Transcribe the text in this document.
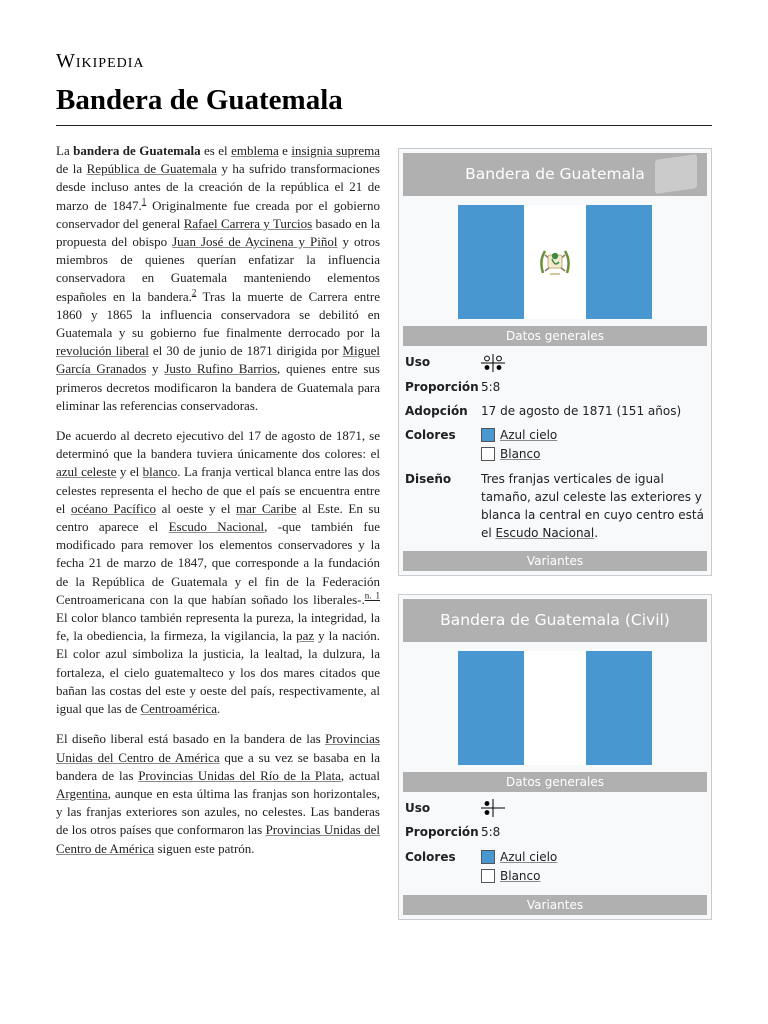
Wikipedia
Bandera de Guatemala
Bandera de Guatemala
Datos generales
Uso
Proporción 5:8
Adopción	17 de agosto de 1871 (151 años)
Colores	Azul cielo
Blanco
Diseño	Tres franjas verticales de igual tamaño, azul celeste las exteriores y blanca la central en cuyo centro está el Escudo Nacional.
Variantes

La bandera de Guatemala es el emblema e insignia suprema de la República de Guatemala y ha sufrido transformaciones desde incluso antes de la creación de la república el 21 de marzo de 1847.$^1$ Originalmente fue creada por el gobierno conservador del general Rafael Carrera y Turcios basado en la propuesta del obispo Juan José de Aycinena y Piñol y otros miembros de quienes querían enfatizar la influencia conservadora en Guatemala manteniendo elementos españoles en la bandera.$^2$ Tras la muerte de Carrera entre 1860 y 1865 la influencia conservadora se debilitó en Guatemala y su gobierno fue finalmente derrocado por la revolución liberal el 30 de junio de 1871 dirigida por Miguel García Granados y Justo Rufino Barrios, quienes entre sus primeros decretos modificaron la bandera de Guatemala para eliminar las referencias conservadoras.

Bandera de Guatemala (Civil)
Datos generales
Uso
Proporción 5:8
Colores	Azul cielo
Blanco
Variantes

De acuerdo al decreto ejecutivo del 17 de agosto de 1871, se determinó que la bandera tuviera únicamente dos colores: el azul celeste y el blanco. La franja vertical blanca entre las dos celestes representa el hecho de que el país se encuentra entre el océano Pacífico al oeste y el mar Caribe al Este. En su centro aparece el Escudo Nacional, -que también fue modificado para remover los elementos conservadores y la fecha 21 de marzo de 1847, que corresponde a la fundación de la República de Guatemala y el fin de la Federación Centroamericana con la que habían soñado los liberales-.$^{n. 1}$ El color blanco también representa la pureza, la integridad, la fe, la obediencia, la firmeza, la vigilancia, la paz y la nación. El color azul simboliza la justicia, la lealtad, la dulzura, la fortaleza, el cielo guatemalteco y los dos mares citados que bañan las costas del este y oeste del país, respectivamente, al igual que las de Centroamérica.

El diseño liberal está basado en la bandera de las Provincias Unidas del Centro de América que a su vez se basaba en la bandera de las Provincias Unidas del Río de la Plata, actual Argentina, aunque en esta última las franjas son horizontales, y las franjas exteriores son azules, no celestes. Las banderas de los otros países que conformaron las Provincias Unidas del Centro de América siguen este patrón.
